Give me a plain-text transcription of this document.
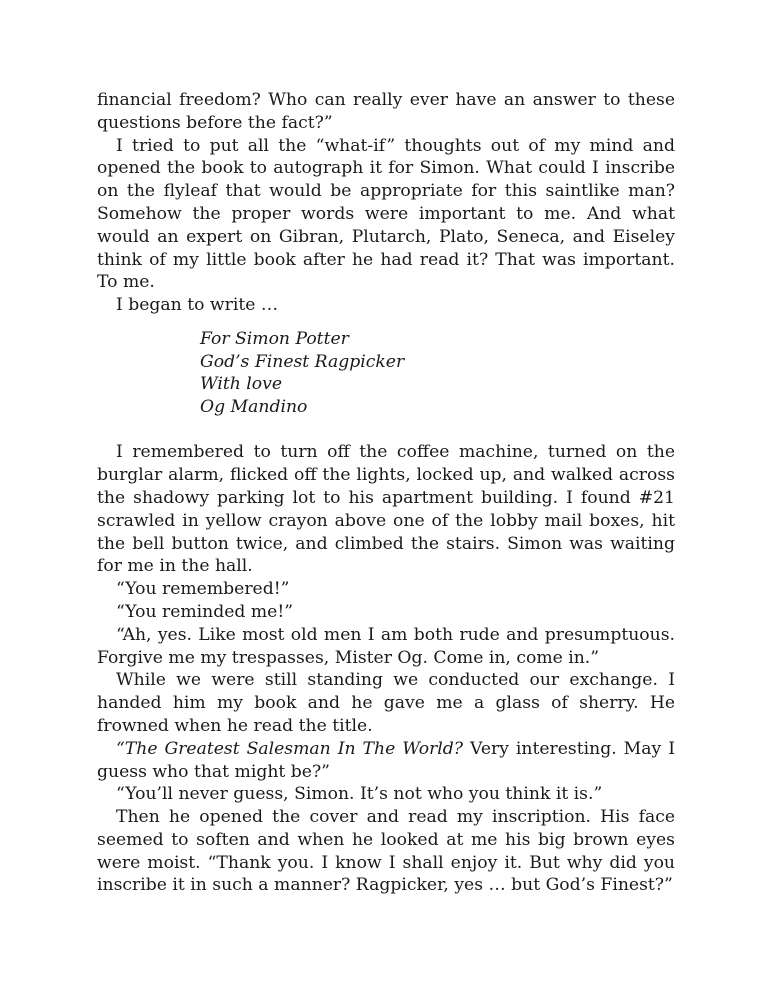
financial freedom? Who can really ever have an answer to these questions before the fact?”

I tried to put all the “what-if” thoughts out of my mind and opened the book to autograph it for Simon. What could I inscribe on the flyleaf that would be appropriate for this saintlike man? Somehow the proper words were important to me. And what would an expert on Gibran, Plutarch, Plato, Seneca, and Eiseley think of my little book after he had read it? That was important. To me.

I began to write …

For Simon Potter
God’s Finest Ragpicker
With love
Og Mandino

I remembered to turn off the coffee machine, turned on the burglar alarm, flicked off the lights, locked up, and walked across the shadowy parking lot to his apartment building. I found #21 scrawled in yellow crayon above one of the lobby mail boxes, hit the bell button twice, and climbed the stairs. Simon was waiting for me in the hall.

“You remembered!”

“You reminded me!”

“Ah, yes. Like most old men I am both rude and presumptuous. Forgive me my trespasses, Mister Og. Come in, come in.”

While we were still standing we conducted our exchange. I handed him my book and he gave me a glass of sherry. He frowned when he read the title.

“The Greatest Salesman In The World? Very interesting. May I guess who that might be?”

“You’ll never guess, Simon. It’s not who you think it is.”

Then he opened the cover and read my inscription. His face seemed to soften and when he looked at me his big brown eyes were moist. “Thank you. I know I shall enjoy it. But why did you inscribe it in such a manner? Ragpicker, yes … but God’s Finest?”
